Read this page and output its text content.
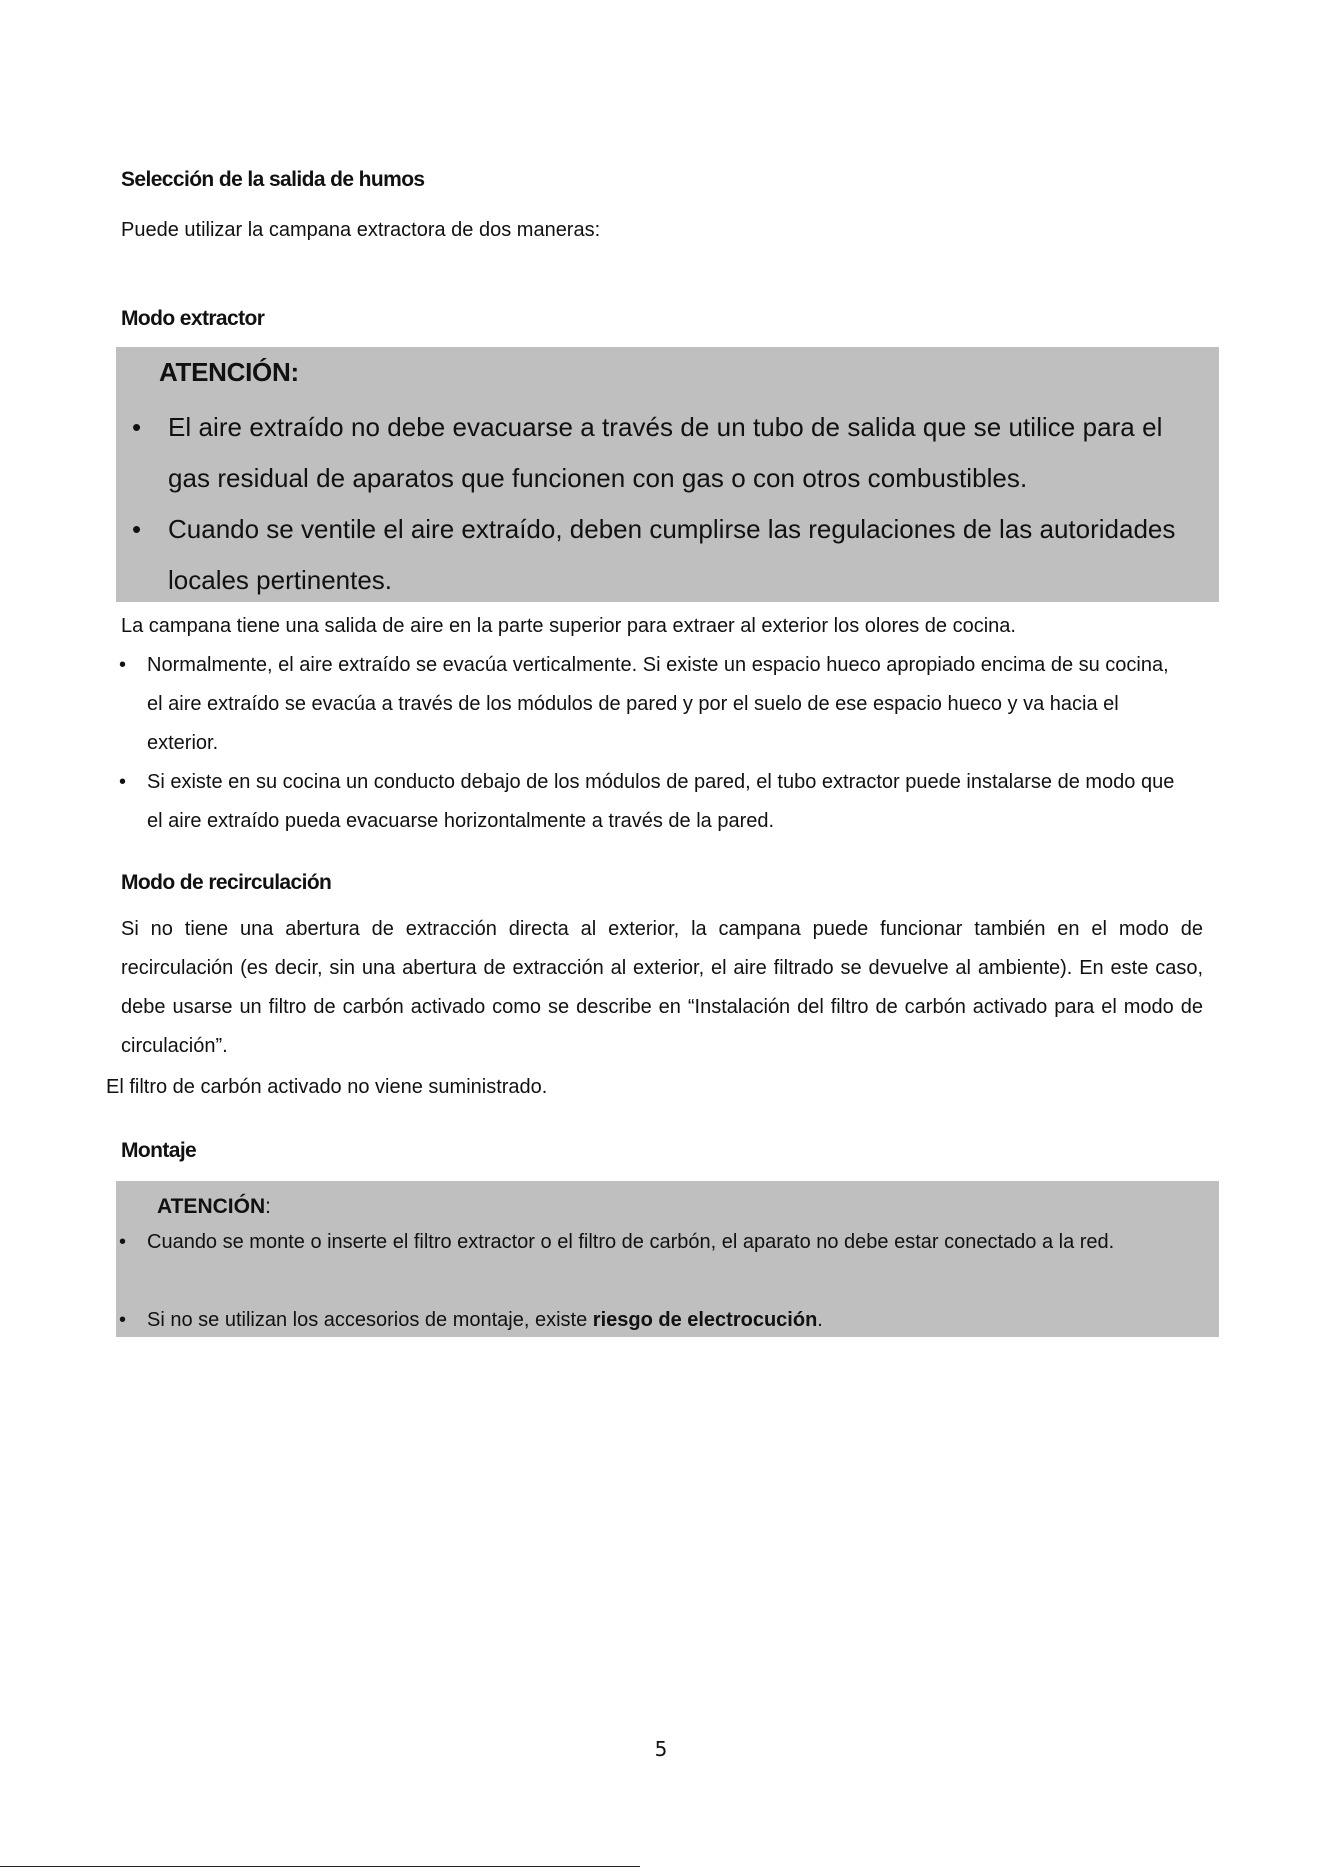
Selección de la salida de humos

Puede utilizar la campana extractora de dos maneras:

Modo extractor
ATENCIÓN:
•	El aire extraído no debe evacuarse a través de un tubo de salida que se utilice para el gas residual de aparatos que funcionen con gas o con otros combustibles.
•	Cuando se ventile el aire extraído, deben cumplirse las regulaciones de las autoridades locales pertinentes.

La campana tiene una salida de aire en la parte superior para extraer al exterior los olores de cocina.

•	Normalmente, el aire extraído se evacúa verticalmente. Si existe un espacio hueco apropiado encima de su cocina, el aire extraído se evacúa a través de los módulos de pared y por el suelo de ese espacio hueco y va hacia el exterior.
•	Si existe en su cocina un conducto debajo de los módulos de pared, el tubo extractor puede instalarse de modo que el aire extraído pueda evacuarse horizontalmente a través de la pared.
Modo de recirculación

Si no tiene una abertura de extracción directa al exterior, la campana puede funcionar también en el modo de recirculación (es decir, sin una abertura de extracción al exterior, el aire filtrado se devuelve al ambiente). En este caso, debe usarse un filtro de carbón activado como se describe en “Instalación del filtro de carbón activado para el modo de circulación”.

El filtro de carbón activado no viene suministrado.

Montaje
ATENCIÓN:
•	Cuando se monte o inserte el filtro extractor o el filtro de carbón, el aparato no debe estar conectado a la red.
•	Si no se utilizan los accesorios de montaje, existe riesgo de electrocución.
5
